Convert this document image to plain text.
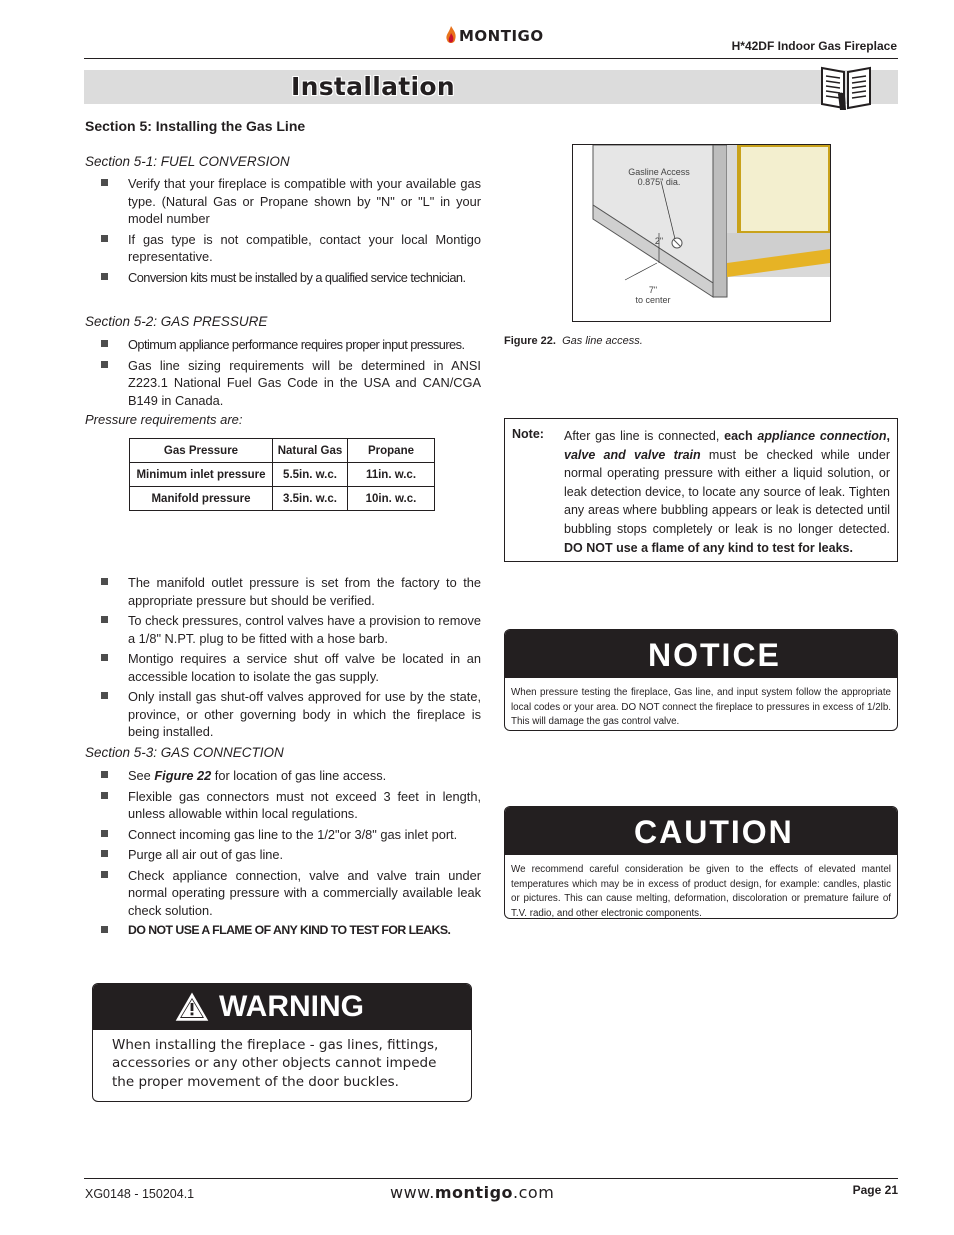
MONTIGO
H*42DF Indoor Gas Fireplace
Installation
Section 5: Installing the Gas Line
Section 5-1: FUEL CONVERSION
Verify that your fireplace is compatible with your available gas type. (Natural Gas or Propane shown by "N" or "L" in your model number
If gas type is not compatible, contact your local Montigo representative.
Conversion kits must be installed by a qualified service technician.
Section 5-2: GAS PRESSURE
Optimum appliance performance requires proper input pressures.
Gas line sizing requirements will be determined in ANSI Z223.1 National Fuel Gas Code in the USA and CAN/CGA B149 in Canada.
Pressure requirements are:
Gas Pressure	Natural Gas	Propane
Minimum inlet pressure	5.5in. w.c.	11in. w.c.
Manifold pressure	3.5in. w.c.	10in. w.c.
The manifold outlet pressure is set from the factory to the appropriate pressure but should be verified.
To check pressures, control valves have a provision to remove a 1/8" N.PT. plug to be fitted with a hose barb.
Montigo requires a service shut off valve be located in an accessible location to isolate the gas supply.
Only install gas shut-off valves approved for use by the state, province, or other governing body in which the fireplace is being installed.
Section 5-3: GAS CONNECTION
See Figure 22 for location of gas line access.
Flexible gas connectors must not exceed 3 feet in length, unless allowable within local regulations.
Connect incoming gas line to the 1/2"or 3/8" gas inlet port.
Purge all air out of gas line.
Check appliance connection, valve and valve train under normal operating pressure with a commercially available leak check solution.
DO NOT USE A FLAME OF ANY KIND TO TEST FOR LEAKS.
Gasline Access
0.875" dia.
2"
7"
to center
Figure 22. Gas line access.
Note: After gas line is connected, each appliance connection, valve and valve train must be checked while under normal operating pressure with either a liquid solution, or leak detection device, to locate any source of leak. Tighten any areas where bubbling appears or leak is detected until bubbling stops completely or leak is no longer detected. DO NOT use a flame of any kind to test for leaks.
NOTICE
When pressure testing the fireplace, Gas line, and input system follow the appropriate local codes or your area. DO NOT connect the fireplace to pressures in excess of 1/2lb. This will damage the gas control valve.
CAUTION
We recommend careful consideration be given to the effects of elevated mantel temperatures which may be in excess of product design, for example: candles, plastic or pictures. This can cause melting, deformation, discoloration or premature failure of T.V. radio, and other electronic components.
WARNING
When installing the fireplace - gas lines, fittings, accessories or any other objects cannot impede the proper movement of the door buckles.
XG0148 - 150204.1	www.montigo.com	Page 21
